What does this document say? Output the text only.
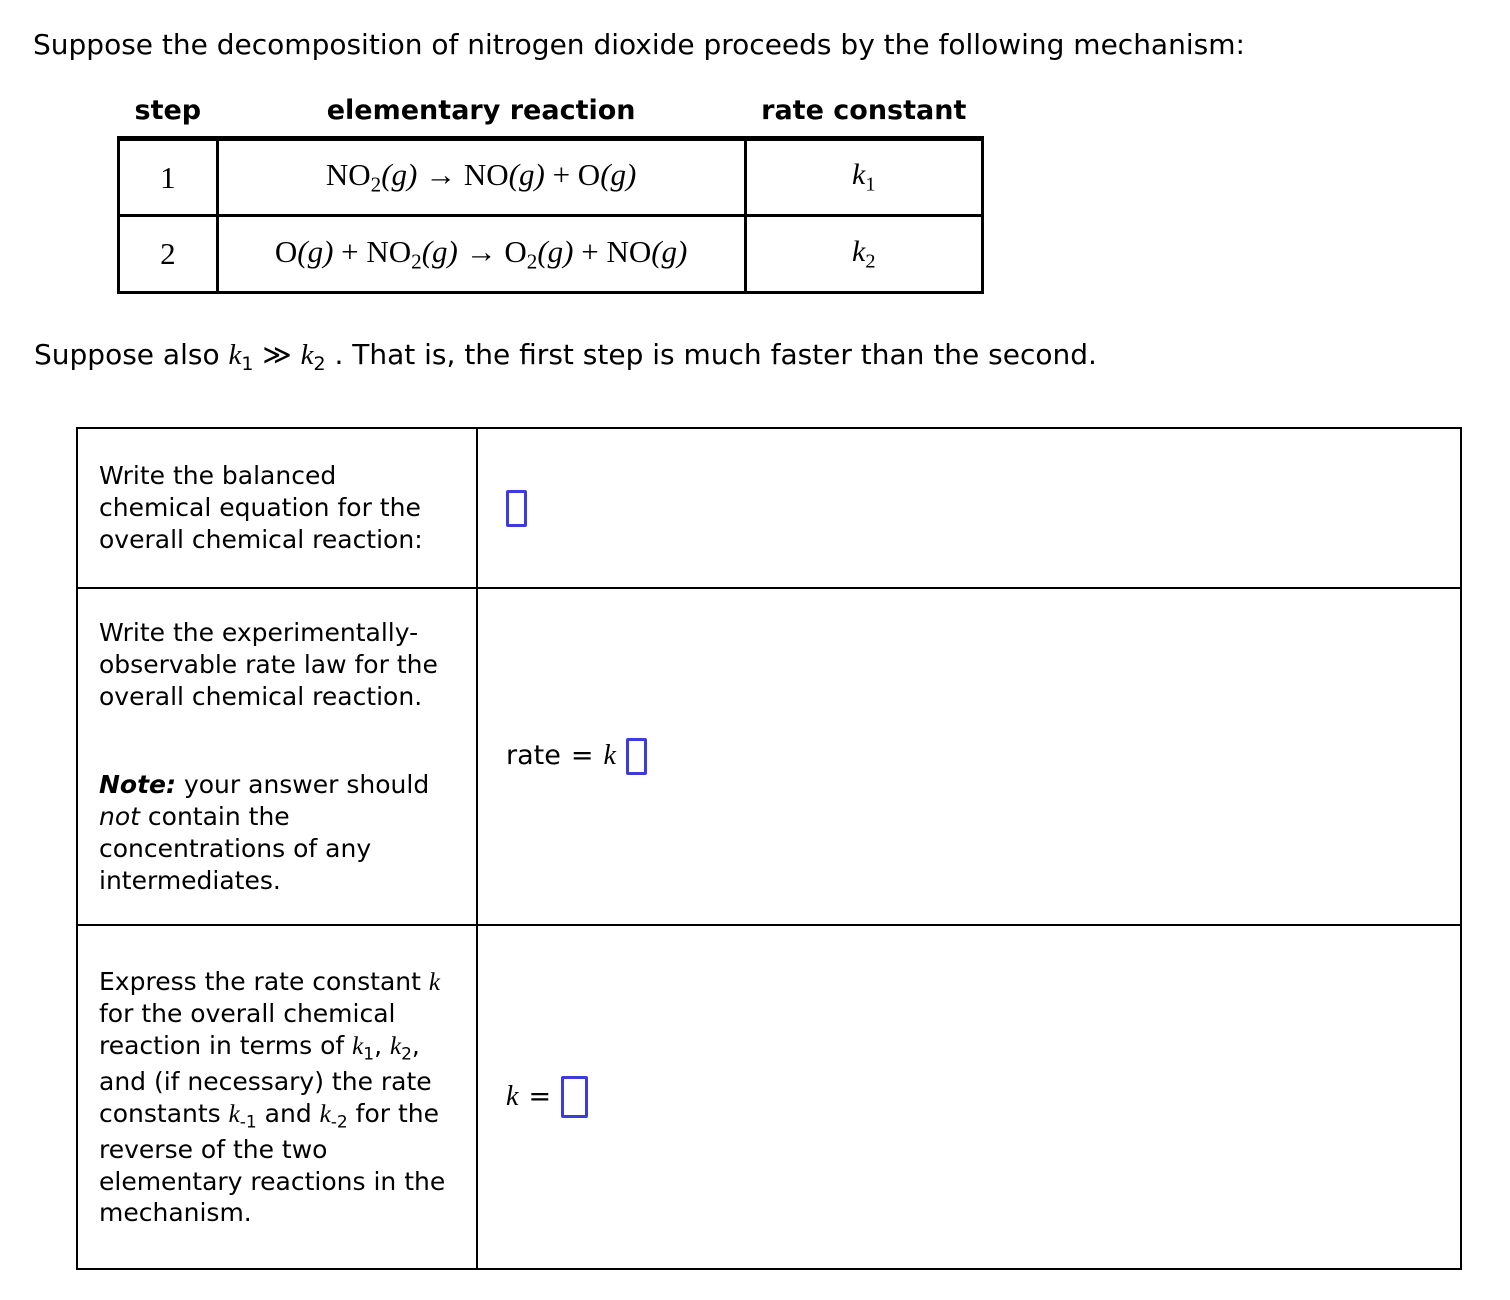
Suppose the decomposition of nitrogen dioxide proceeds by the following mechanism:

step	elementary reaction	rate constant
1	$NO_2(g) \to NO(g) + O(g)$	$k_1$
2	$O(g) + NO_2(g) \to O_2(g) + NO(g)$	$k_2$

Suppose also $k_1$ ≫ $k_2$ . That is, the first step is much faster than the second.

Write the balanced chemical equation for the overall chemical reaction:	

Write the experimentally-observable rate law for the overall chemical reaction.
Note: your answer should not contain the concentrations of any intermediates.	rate = k

Express the rate constant k for the overall chemical reaction in terms of $k_1$, $k_2$, and (if necessary) the rate constants $k_{-1}$ and $k_{-2}$ for the reverse of the two elementary reactions in the mechanism.	k =
